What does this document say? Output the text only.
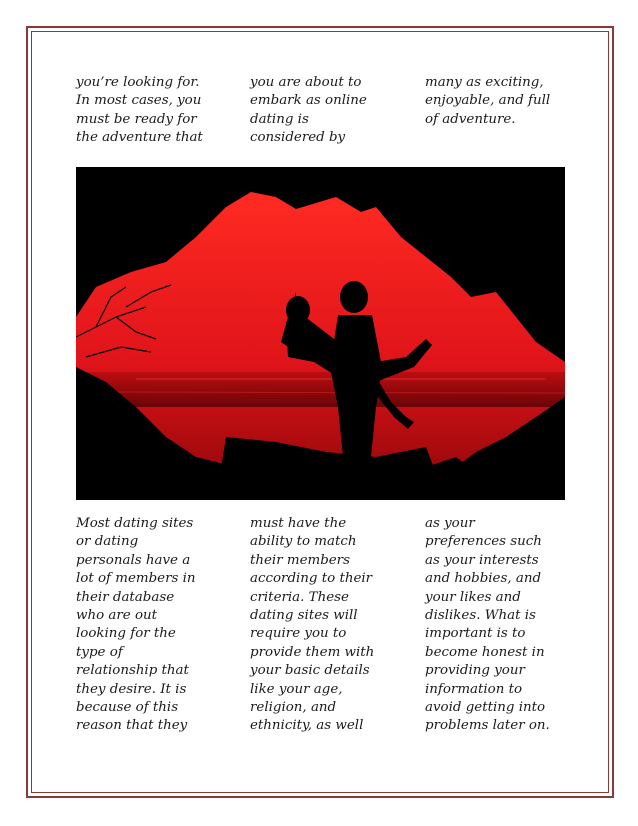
you’re looking for.
In most cases, you
must be ready for
the adventure that
you are about to
embark as online
dating is
considered by
many as exciting,
enjoyable, and full
of adventure.
Most dating sites
or dating
personals have a
lot of members in
their database
who are out
looking for the
type of
relationship that
they desire. It is
because of this
reason that they
must have the
ability to match
their members
according to their
criteria. These
dating sites will
require you to
provide them with
your basic details
like your age,
religion, and
ethnicity, as well
as your
preferences such
as your interests
and hobbies, and
your likes and
dislikes. What is
important is to
become honest in
providing your
information to
avoid getting into
problems later on.
